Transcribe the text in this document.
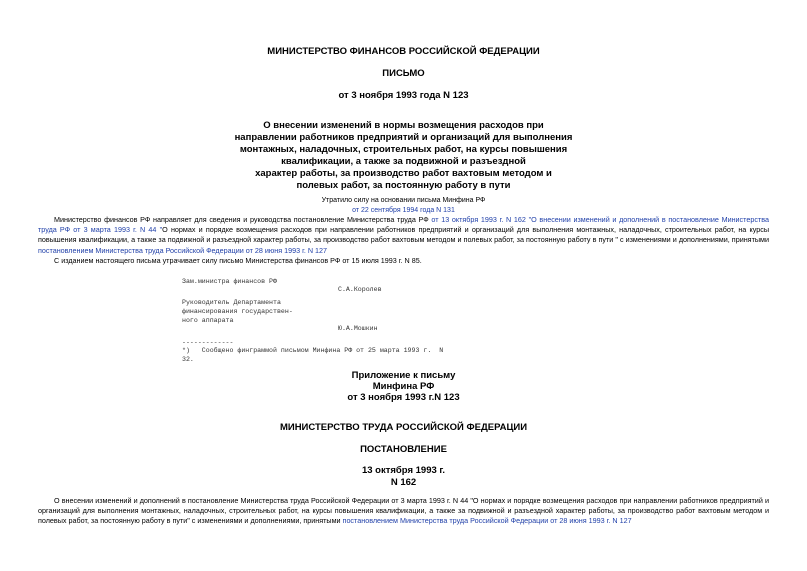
МИНИСТЕРСТВО ФИНАНСОВ РОССИЙСКОЙ ФЕДЕРАЦИИ
ПИСЬМО
от 3 ноября 1993 года N 123
О внесении изменений в нормы возмещения расходов при
направлении работников предприятий и организаций для выполнения
монтажных, наладочных, строительных работ, на курсы повышения
квалификации, а также за подвижной и разъездной
характер работы, за производство работ вахтовым методом и
полевых работ, за постоянную работу в пути
Утратило силу на основании письма Минфина РФ
от 22 сентября 1994 года N 131
Министерство финансов РФ направляет для сведения и руководства постановление Министерства труда РФ от 13 октября 1993 г. N 162 "О внесении изменений и дополнений в постановление Министерства труда РФ от 3 марта 1993 г. N 44 "О нормах и порядке возмещения расходов при направлении работников предприятий и организаций для выполнения монтажных, наладочных, строительных работ, на курсы повышения квалификации, а также за подвижной и разъездной характер работы, за производство работ вахтовым методом и полевых работ, за постоянную работу в пути " с изменениями и дополнениями, принятыми постановлением Министерства труда Российской Федерации от 28 июня 1993 г. N 127
С изданием настоящего письма утрачивает силу письмо Министерства финансов РФ от 15 июля 1993 г. N 85.
Зам.министра финансов РФ
С.А.Королев
Руководитель Департамента
финансирования государствен-
ного аппарата
Ю.А.Мошкин
-------------
*)   Сообщено финграммой письмом Минфина РФ от 25 марта 1993 г.  N
32.
Приложение к письму
Минфина РФ
от 3 ноября 1993 г.N 123
МИНИСТЕРСТВО ТРУДА РОССИЙСКОЙ ФЕДЕРАЦИИ
ПОСТАНОВЛЕНИЕ
13 октября 1993 г.
N 162
О внесении изменений и дополнений в постановление Министерства труда Российской Федерации от 3 марта 1993 г. N 44 "О нормах и порядке возмещения расходов при направлении работников предприятий и организаций для выполнения монтажных, наладочных, строительных работ, на курсы повышения квалификации, а также за подвижной и разъездной характер работы, за производство работ вахтовым методом и полевых работ, за постоянную работу в пути" с изменениями и дополнениями, принятыми постановлением Министерства труда Российской Федерации от 28 июня 1993 г. N 127
